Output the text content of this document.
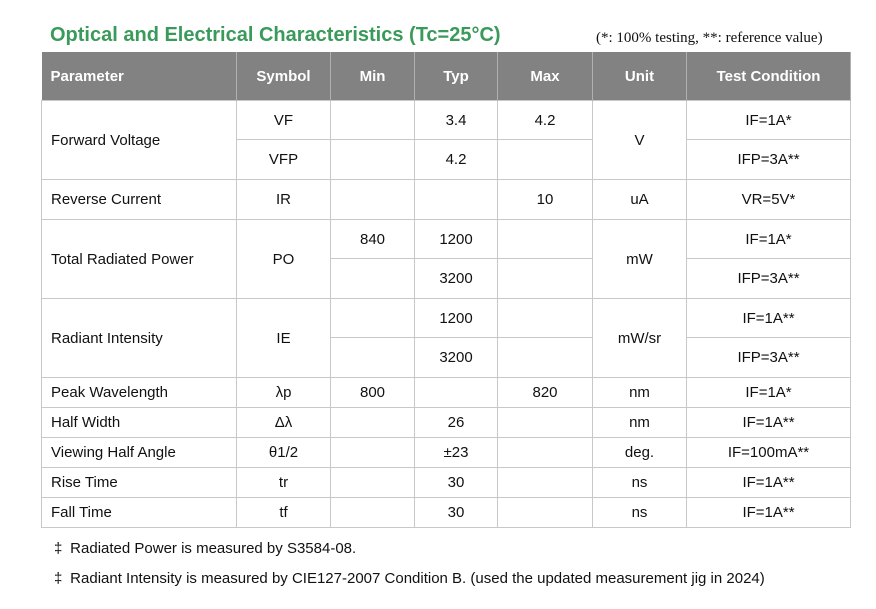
Optical and Electrical Characteristics (Tc=25°C)	(*: 100% testing, **: reference value)
Parameter	Symbol	Min	Typ	Max	Unit	Test Condition
Forward Voltage	VF		3.4	4.2	V	IF=1A*
	VFP		4.2			IFP=3A**
Reverse Current	IR			10	uA	VR=5V*
Total Radiated Power	PO	840	1200		mW	IF=1A*
			3200			IFP=3A**
Radiant Intensity	IE		1200		mW/sr	IF=1A**
			3200			IFP=3A**
Peak Wavelength	λp	800		820	nm	IF=1A*
Half Width	Δλ		26		nm	IF=1A**
Viewing Half Angle	θ1/2		±23		deg.	IF=100mA**
Rise Time	tr		30		ns	IF=1A**
Fall Time	tf		30		ns	IF=1A**
‡ Radiated Power is measured by S3584-08.
‡ Radiant Intensity is measured by CIE127-2007 Condition B. (used the updated measurement jig in 2024)
